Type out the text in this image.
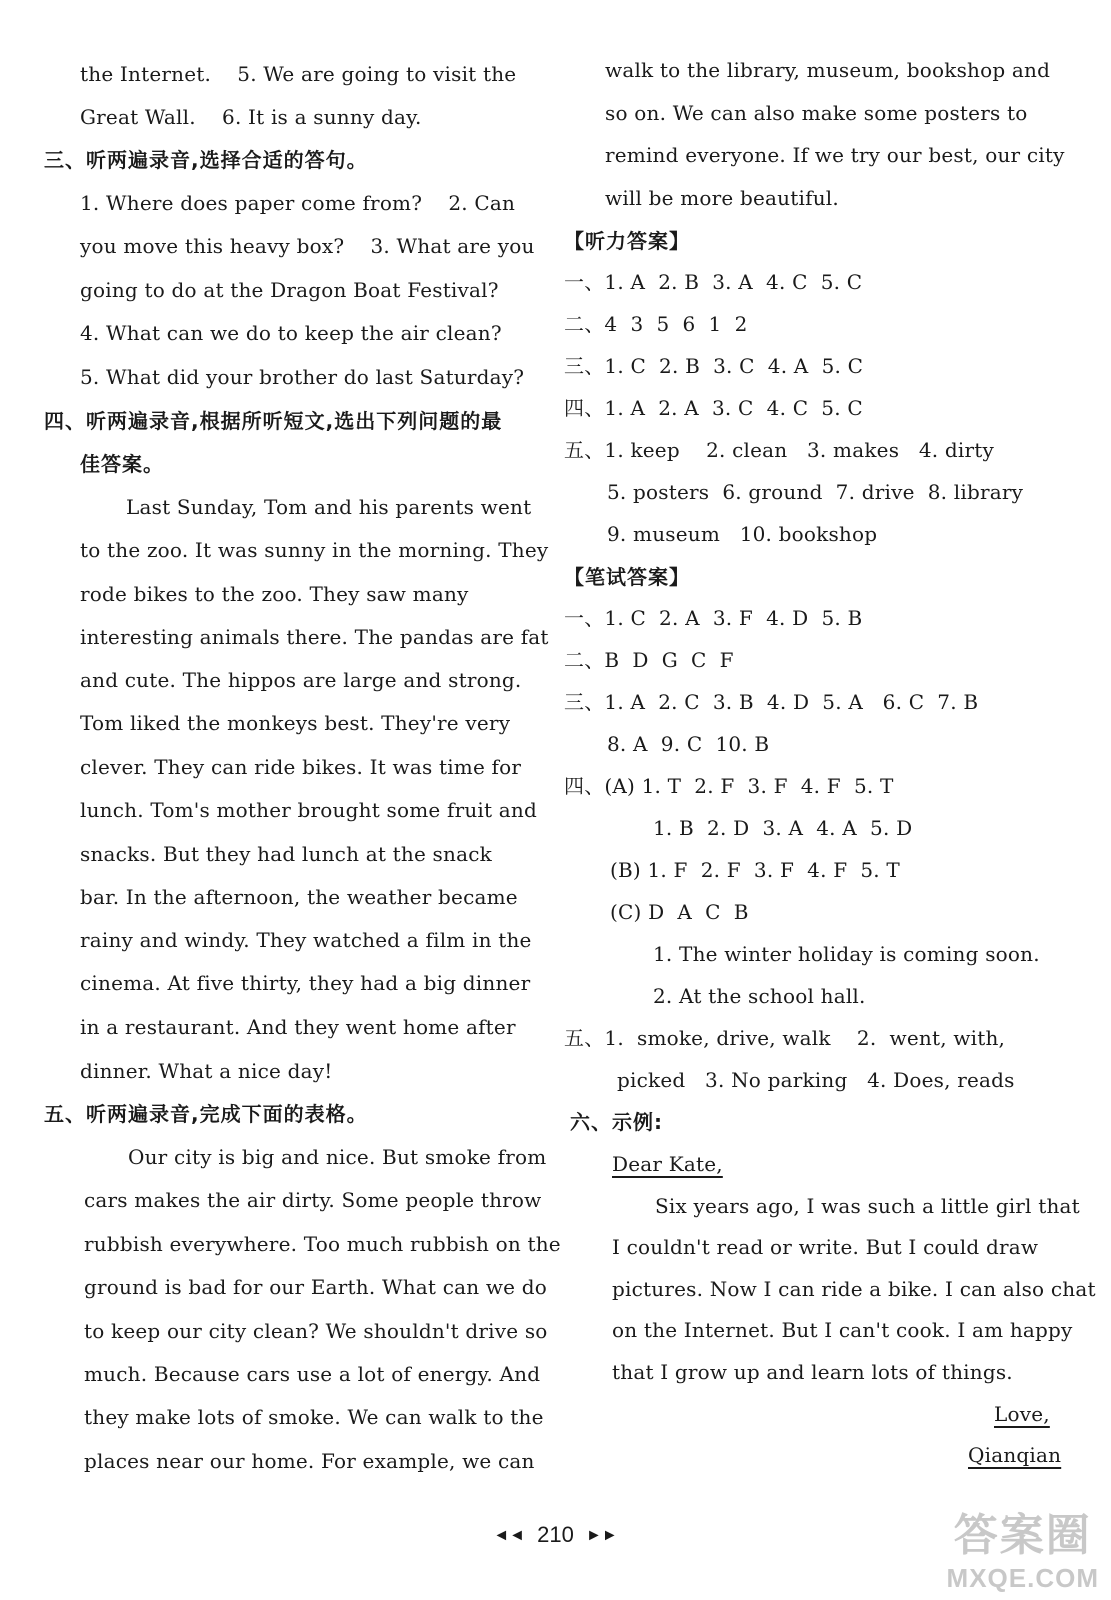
the Internet.    5. We are going to visit the
Great Wall.    6. It is a sunny day.
三、听两遍录音,选择合适的答句。
1. Where does paper come from?    2. Can
you move this heavy box?    3. What are you
going to do at the Dragon Boat Festival?
4. What can we do to keep the air clean?
5. What did your brother do last Saturday?
四、听两遍录音,根据所听短文,选出下列问题的最
佳答案。
Last Sunday, Tom and his parents went
to the zoo. It was sunny in the morning. They
rode bikes to the zoo. They saw many
interesting animals there. The pandas are fat
and cute. The hippos are large and strong.
Tom liked the monkeys best. They're very
clever. They can ride bikes. It was time for
lunch. Tom's mother brought some fruit and
snacks. But they had lunch at the snack
bar. In the afternoon, the weather became
rainy and windy. They watched a film in the
cinema. At five thirty, they had a big dinner
in a restaurant. And they went home after
dinner. What a nice day!
五、听两遍录音,完成下面的表格。
Our city is big and nice. But smoke from
cars makes the air dirty. Some people throw
rubbish everywhere. Too much rubbish on the
ground is bad for our Earth. What can we do
to keep our city clean? We shouldn't drive so
much. Because cars use a lot of energy. And
they make lots of smoke. We can walk to the
places near our home. For example, we can
walk to the library, museum, bookshop and
so on. We can also make some posters to
remind everyone. If we try our best, our city
will be more beautiful.
【听力答案】
一、1. A  2. B  3. A  4. C  5. C
二、4  3  5  6  1  2
三、1. C  2. B  3. C  4. A  5. C
四、1. A  2. A  3. C  4. C  5. C
五、1. keep    2. clean   3. makes   4. dirty
5. posters  6. ground  7. drive  8. library
9. museum   10. bookshop
【笔试答案】
一、1. C  2. A  3. F  4. D  5. B
二、B  D  G  C  F
三、1. A  2. C  3. B  4. D  5. A   6. C  7. B
8. A  9. C  10. B
四、(A) 1. T  2. F  3. F  4. F  5. T
1. B  2. D  3. A  4. A  5. D
(B) 1. F  2. F  3. F  4. F  5. T
(C) D  A  C  B
1. The winter holiday is coming soon.
2. At the school hall.
五、1.  smoke, drive, walk    2.  went, with,
picked   3. No parking   4. Does, reads
六、示例:
Dear Kate,
Six years ago, I was such a little girl that
I couldn't read or write. But I could draw
pictures. Now I can ride a bike. I can also chat
on the Internet. But I can't cook. I am happy
that I grow up and learn lots of things.
Love,
Qianqian
◄◄ 210 ►►	答案圈
MXQE.COM
